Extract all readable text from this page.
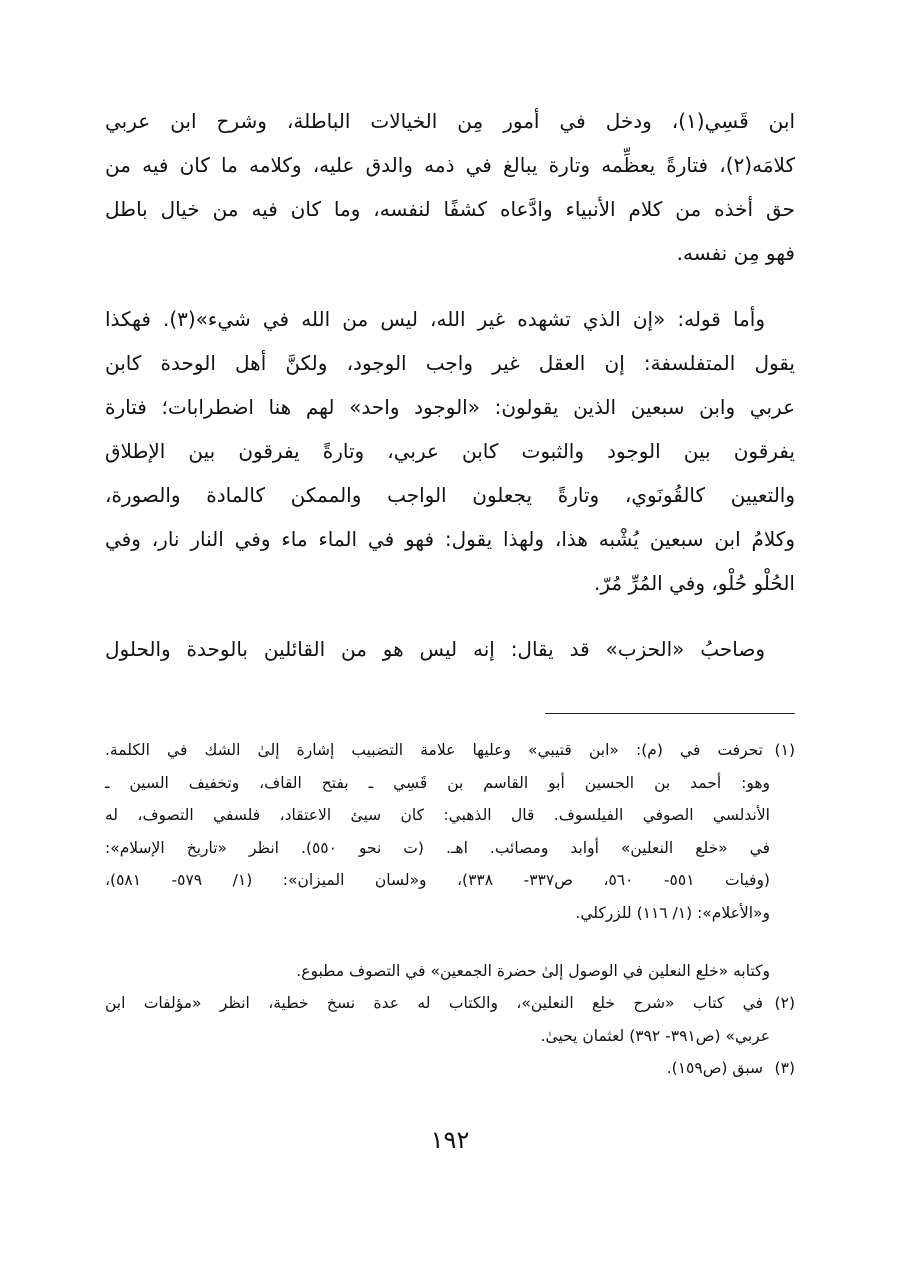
ابن قَسِي(١)، ودخل في أمور مِن الخيالات الباطلة، وشرح ابن عربي
كلامَه(٢)، فتارةً يعظِّمه وتارة يبالغ في ذمه والدق عليه، وكلامه ما كان فيه من
حق أخذه من كلام الأنبياء وادَّعاه كشفًا لنفسه، وما كان فيه من خيال باطل
فهو مِن نفسه.
وأما قوله: «إن الذي تشهده غير الله، ليس من الله في شيء»(٣). فهكذا
يقول المتفلسفة: إن العقل غير واجب الوجود، ولكنَّ أهل الوحدة كابن
عربي وابن سبعين الذين يقولون: «الوجود واحد» لهم هنا اضطرابات؛ فتارة
يفرقون بين الوجود والثبوت كابن عربي، وتارةً يفرقون بين الإطلاق
والتعيين كالقُونَوي، وتارةً يجعلون الواجب والممكن كالمادة والصورة،
وكلامُ ابن سبعين يُشْبه هذا، ولهذا يقول: فهو في الماء ماء وفي النار نار، وفي
الحُلْو حُلْو، وفي المُرِّ مُرّ.
وصاحبُ «الحزب» قد يقال: إنه ليس هو من القائلين بالوحدة والحلول
(١)
تحرفت في (م): «ابن قتيبي» وعليها علامة التضبيب إشارة إلىٰ الشك في الكلمة.
وهو: أحمد بن الحسين أبو القاسم بن قَسِي ـ بفتح القاف، وتخفيف السين ـ
الأندلسي الصوفي الفيلسوف. قال الذهبي: كان سيئ الاعتقاد، فلسفي التصوف، له
في «خلع النعلين» أوابد ومصائب. اهـ. (ت نحو ٥٥٠). انظر «تاريخ الإسلام»:
(وفيات ٥٥١- ٥٦٠، ص٣٣٧- ٣٣٨)، و«لسان الميزان»: (١/ ٥٧٩- ٥٨١)،
و«الأعلام»: (١/ ١١٦) للزركلي.
وكتابه «خلع النعلين في الوصول إلىٰ حضرة الجمعين» في التصوف مطبوع.
(٢)
في كتاب «شرح خلع النعلين»، والكتاب له عدة نسخ خطية، انظر «مؤلفات ابن
عربي» (ص٣٩١- ٣٩٢) لعثمان يحيىٰ.
(٣)
سبق (ص١٥٩).
١٩٢
